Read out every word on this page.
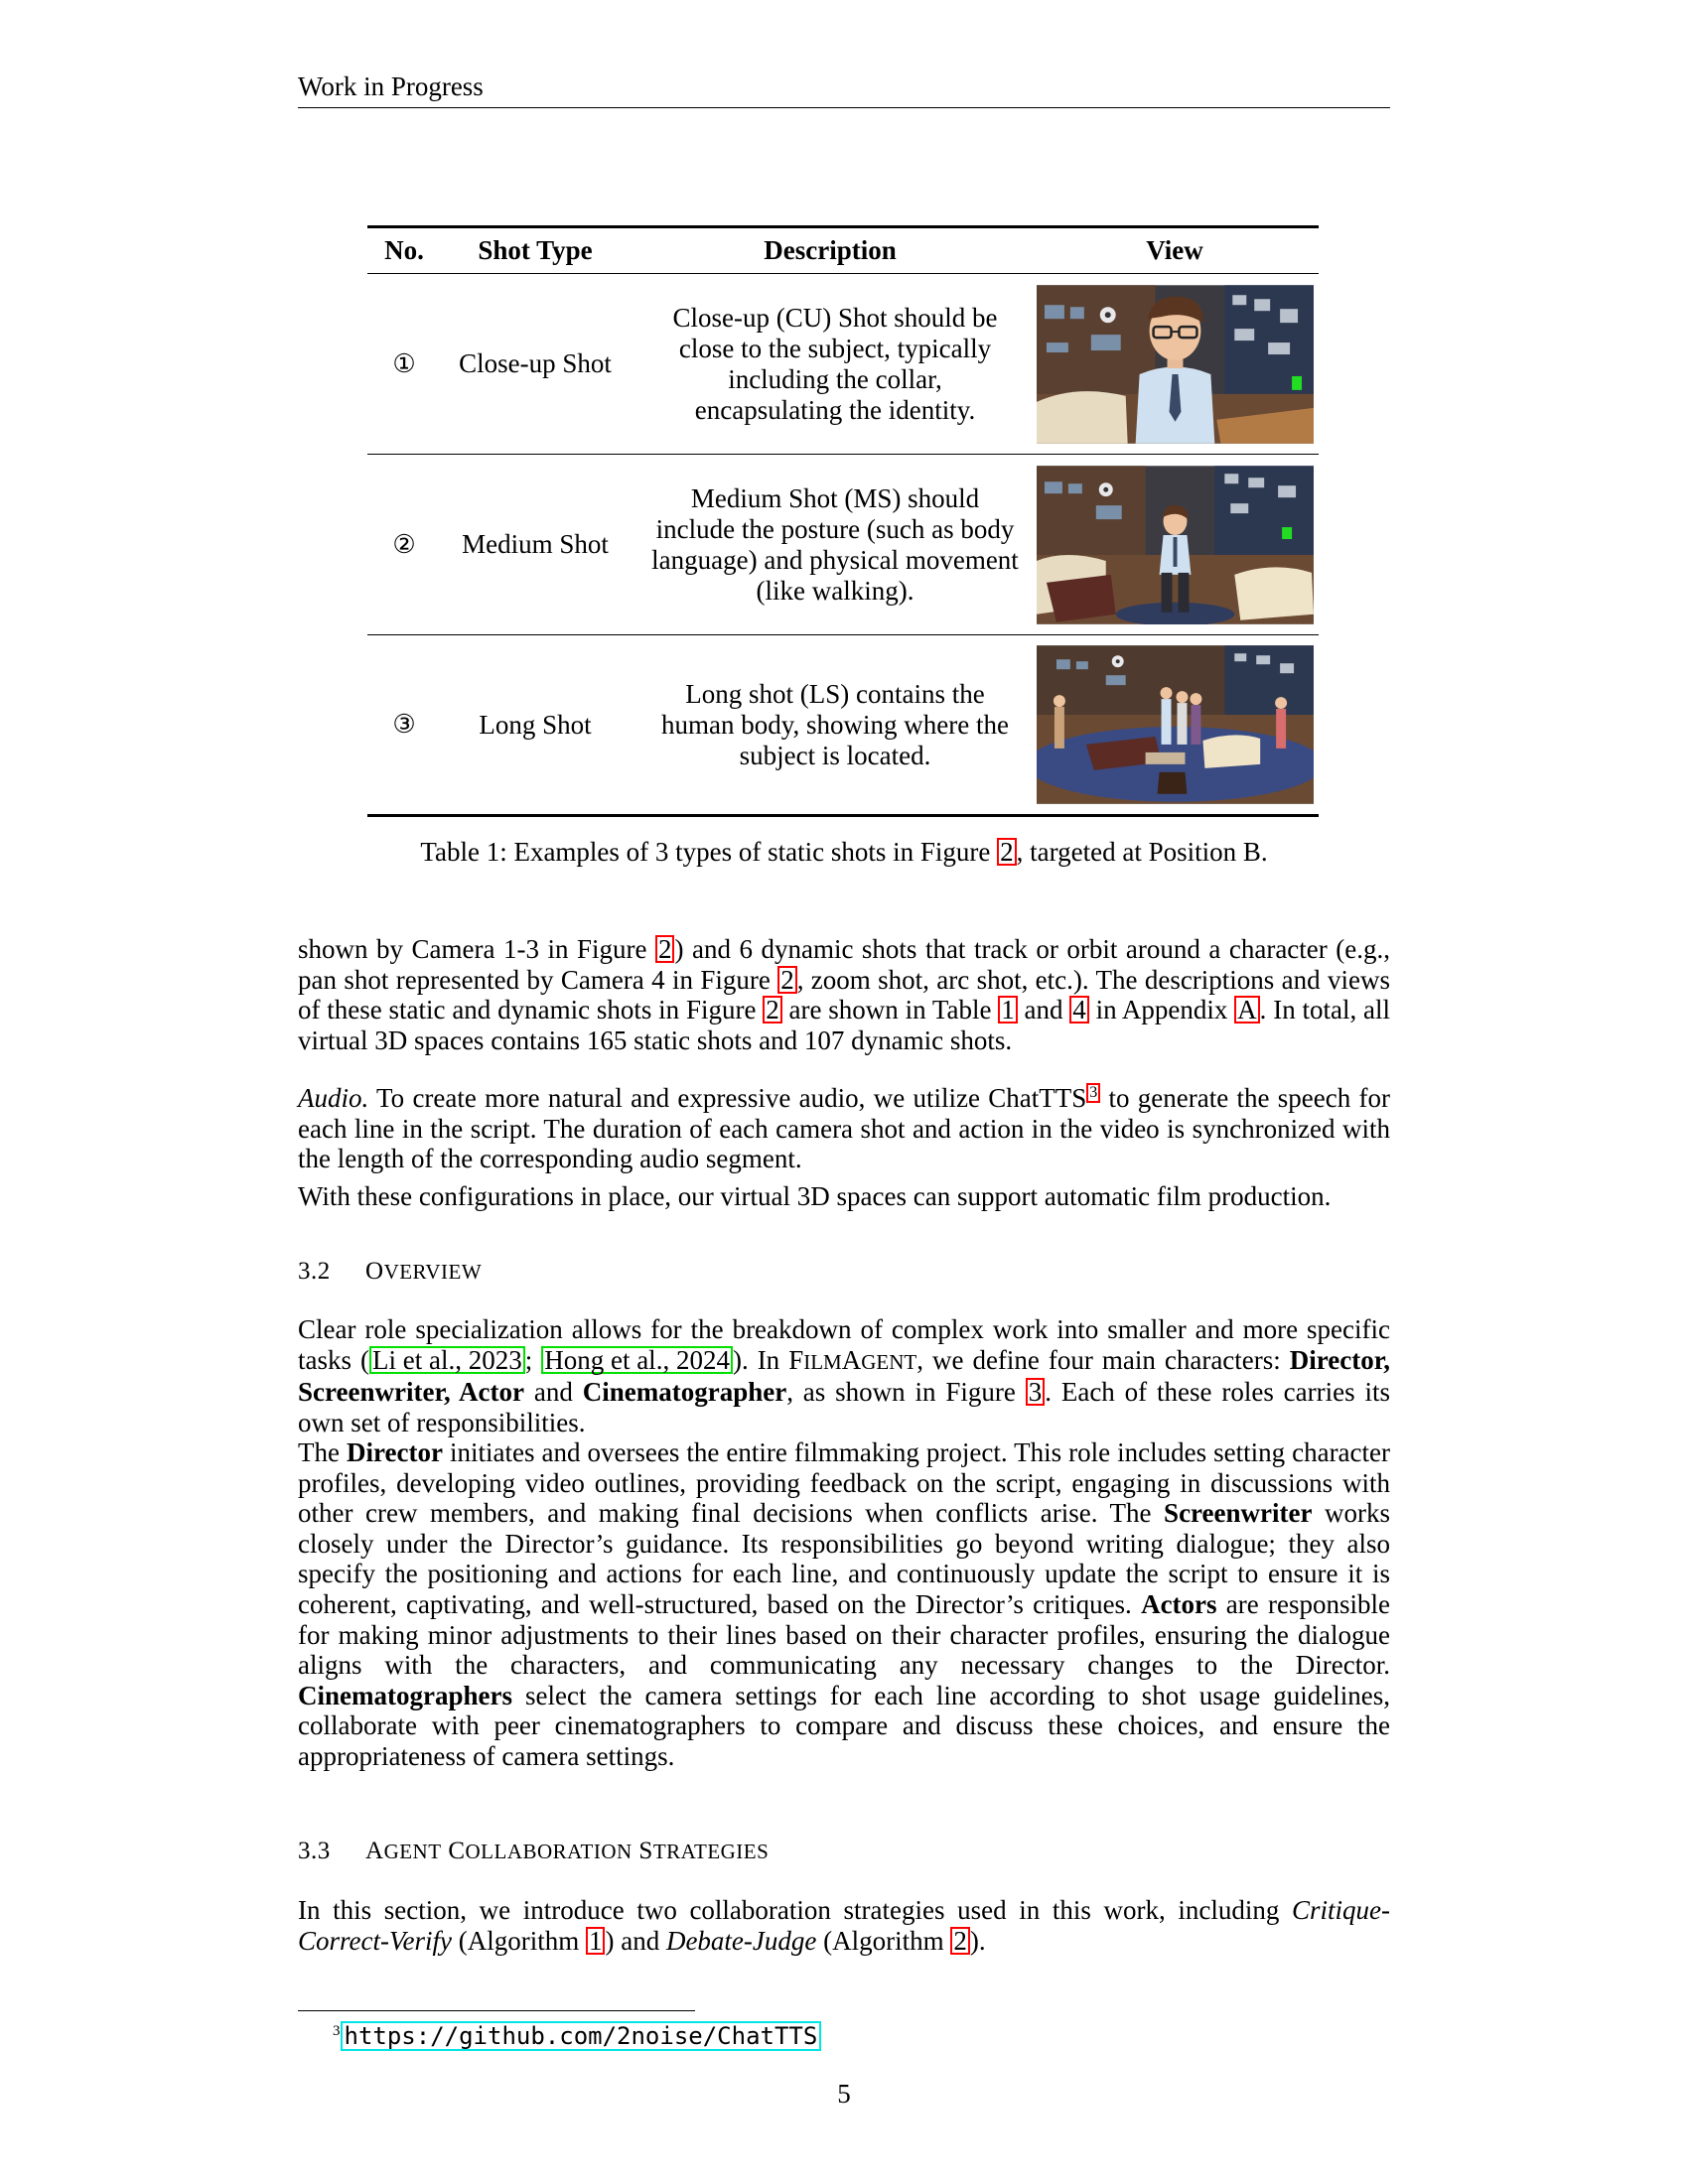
Work in Progress
No.	Shot Type	Description	View
①	Close-up Shot	Close-up (CU) Shot should be close to the subject, typically including the collar, encapsulating the identity.	

②	Medium Shot	Medium Shot (MS) should include the posture (such as body language) and physical movement (like walking).	

③	Long Shot	Long shot (LS) contains the human body, showing where the subject is located.	
Table 1: Examples of 3 types of static shots in Figure 2 , targeted at Position B.

shown by Camera 1-3 in Figure 2 ) and 6 dynamic shots that track or orbit around a character (e.g., pan shot represented by Camera 4 in Figure 2 , zoom shot, arc shot, etc.). The descriptions and views of these static and dynamic shots in Figure 2 are shown in Table 1 and 4 in Appendix A . In total, all virtual 3D spaces contains 165 static shots and 107 dynamic shots.

Audio. To create more natural and expressive audio, we utilize ChatTTS $^3$ to generate the speech for each line in the script. The duration of each camera shot and action in the video is synchronized with the length of the corresponding audio segment.

With these configurations in place, our virtual 3D spaces can support automatic film production.

3.2 OVERVIEW

Clear role specialization allows for the breakdown of complex work into smaller and more specific tasks ( Li et al., 2023 ; Hong et al., 2024 ). In FILMAGENT, we define four main characters: Director, Screenwriter, Actor and Cinematographer, as shown in Figure 3 . Each of these roles carries its own set of responsibilities.

The Director initiates and oversees the entire filmmaking project. This role includes setting character profiles, developing video outlines, providing feedback on the script, engaging in discussions with other crew members, and making final decisions when conflicts arise. The Screenwriter works closely under the Director’s guidance. Its responsibilities go beyond writing dialogue; they also specify the positioning and actions for each line, and continuously update the script to ensure it is coherent, captivating, and well-structured, based on the Director’s critiques. Actors are responsible for making minor adjustments to their lines based on their character profiles, ensuring the dialogue aligns with the characters, and communicating any necessary changes to the Director. Cinematographers select the camera settings for each line according to shot usage guidelines, collaborate with peer cinematographers to compare and discuss these choices, and ensure the appropriateness of camera settings.

3.3 AGENT COLLABORATION STRATEGIES

In this section, we introduce two collaboration strategies used in this work, including Critique-Correct-Verify (Algorithm 1 ) and Debate-Judge (Algorithm 2 ).

$^3$ https://github.com/2noise/ChatTTS
5
